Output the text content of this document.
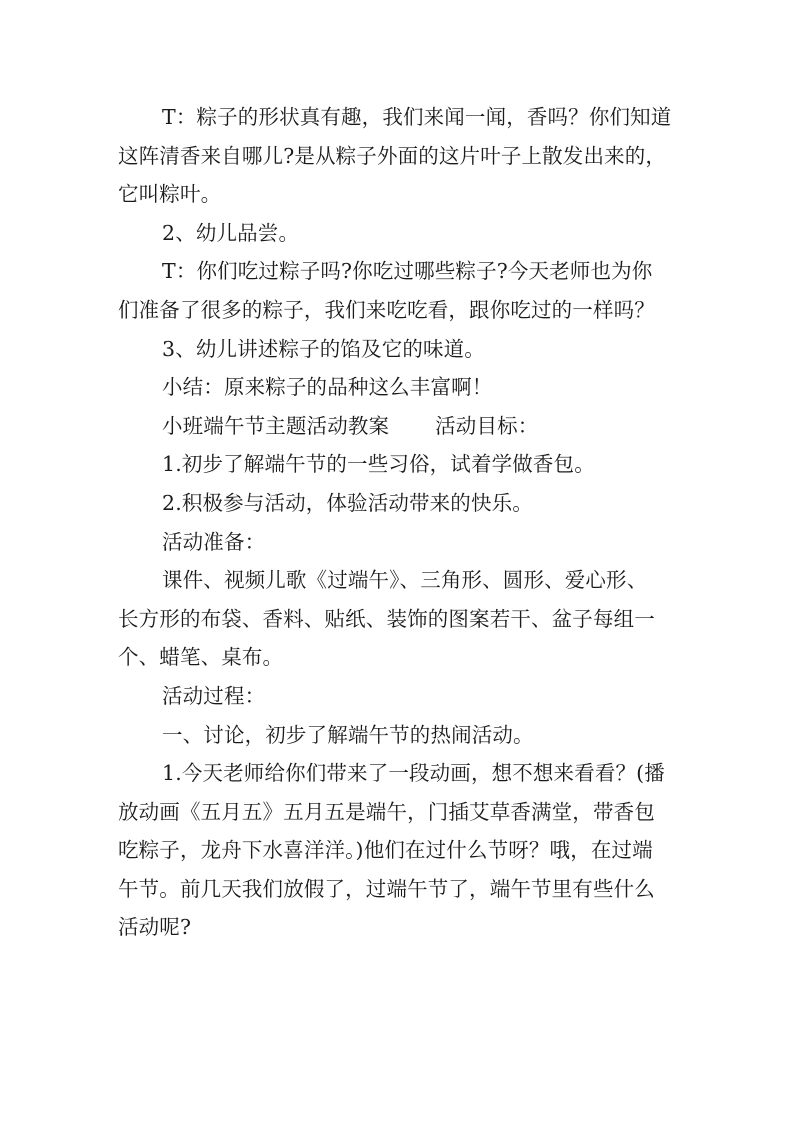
T：粽子的形状真有趣，我们来闻一闻，香吗？你们知道
这阵清香来自哪儿?是从粽子外面的这片叶子上散发出来的，
它叫粽叶。
2、幼儿品尝。
T：你们吃过粽子吗?你吃过哪些粽子?今天老师也为你
们准备了很多的粽子，我们来吃吃看，跟你吃过的一样吗？
3、幼儿讲述粽子的馅及它的味道。
小结：原来粽子的品种这么丰富啊！
小班端午节主题活动教案 活动目标：
1.初步了解端午节的一些习俗，试着学做香包。
2.积极参与活动，体验活动带来的快乐。
活动准备：
课件、视频儿歌《过端午》、三角形、圆形、爱心形、
长方形的布袋、香料、贴纸、装饰的图案若干、盆子每组一
个、蜡笔、桌布。
活动过程：
一、讨论，初步了解端午节的热闹活动。
1.今天老师给你们带来了一段动画，想不想来看看？(播
放动画《五月五》五月五是端午，门插艾草香满堂，带香包
吃粽子，龙舟下水喜洋洋。)他们在过什么节呀？哦，在过端
午节。前几天我们放假了，过端午节了，端午节里有些什么
活动呢?
